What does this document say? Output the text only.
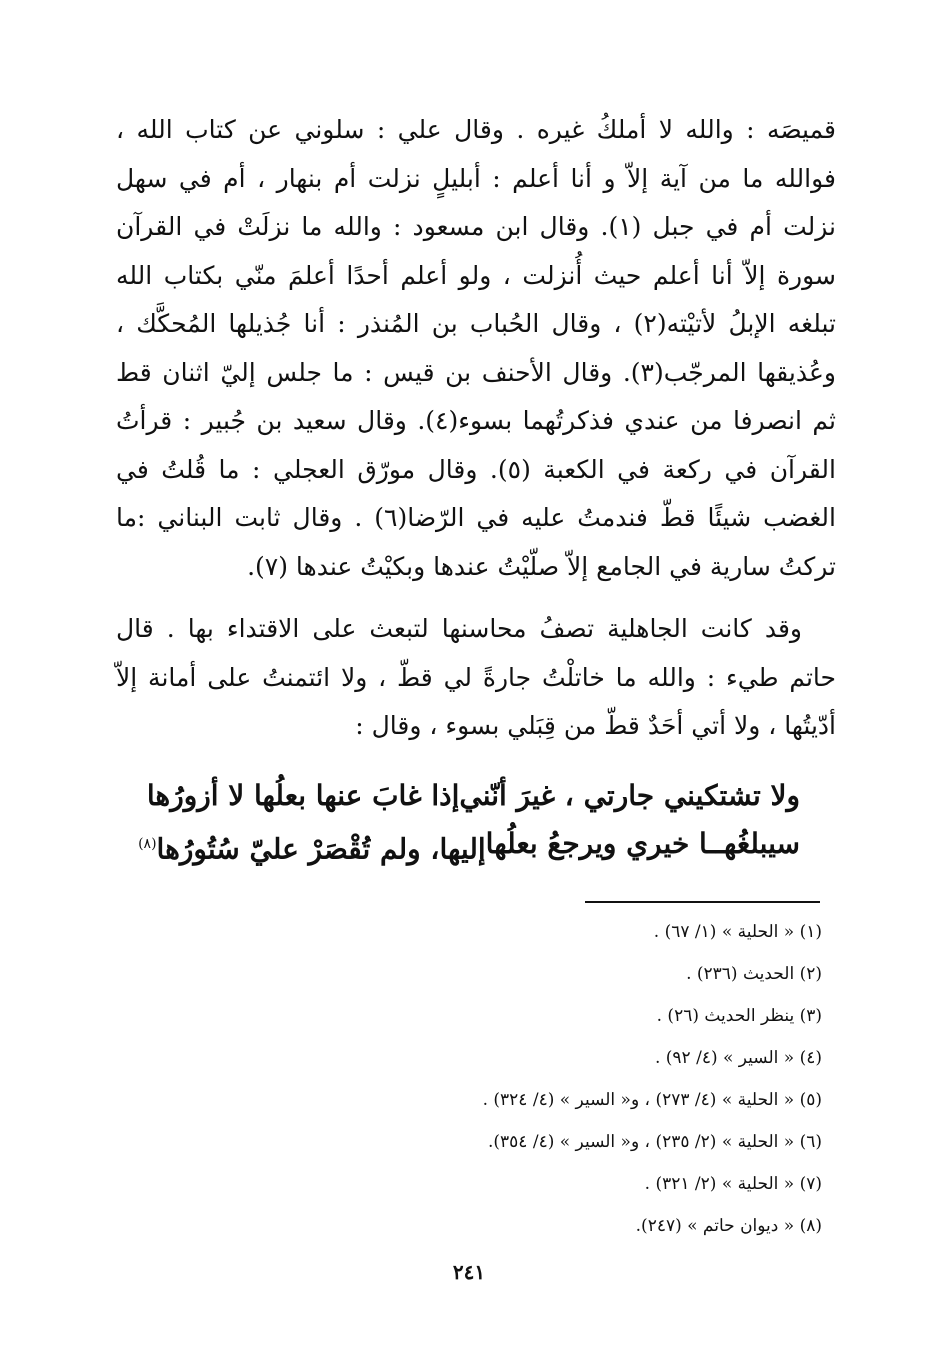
قميصَه : والله لا أملكُ غيره . وقال علي : سلوني عن كتاب الله ، فوالله ما من آية إلاّ و أنا أعلم : أبليلٍ نزلت أم بنهار ، أم في سهل نزلت أم في جبل (١). وقال ابن مسعود : والله ما نزلَتْ في القرآن سورة إلاّ أنا أعلم حيث أُنزلت ، ولو أعلم أحدًا أعلمَ منّي بكتاب الله تبلغه الإبلُ لأتيْته(٢) ، وقال الحُباب بن المُنذر : أنا جُذيلها المُحكَّك ، وعُذيقها المرجّب(٣). وقال الأحنف بن قيس : ما جلس إليّ اثنان قط ثم انصرفا من عندي فذكرتُهما بسوء(٤). وقال سعيد بن جُبير : قرأتُ القرآن في ركعة في الكعبة (٥). وقال مورّق العجلي : ما قُلتُ في الغضب شيئًا قطّ فندمتُ عليه في الرّضا(٦) . وقال ثابت البناني :ما تركتُ سارية في الجامع إلاّ صلّيْتُ عندها وبكيْتُ عندها (٧).

وقد كانت الجاهلية تصفُ محاسنها لتبعث على الاقتداء بها . قال حاتم طيء : والله ما خاتلْتُ جارةً لي قطّ ، ولا ائتمنتُ على أمانة إلاّ أدّيتُها ، ولا أتي أحَدٌ قطّ من قِبَلي بسوء ، وقال :

ولا تشتكيني جارتي ، غيرَ أنّني
إذا غابَ عنها بعلُها لا أزورُها
سيبلغُهــا خيري ويرجعُ بعلُها
إليها، ولم تُقْصَرْ عليّ سُتُورُها$^{(٨)}$
(١) « الحلية » (١/ ٦٧) .
(٢) الحديث (٢٣٦) .
(٣) ينظر الحديث (٢٦) .
(٤) « السير » (٤/ ٩٢) .
(٥) « الحلية » (٤/ ٢٧٣) ، و« السير » (٤/ ٣٢٤) .
(٦) « الحلية » (٢/ ٢٣٥) ، و« السير » (٤/ ٣٥٤).
(٧) « الحلية » (٢/ ٣٢١) .
(٨) « ديوان حاتم » (٢٤٧).
٢٤١
